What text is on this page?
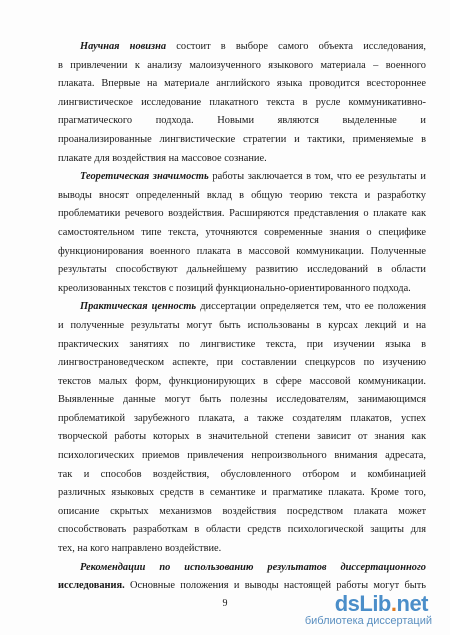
Научная новизна состоит в выборе самого объекта исследования,
в привлечении к анализу малоизученного языкового материала – военного
плаката. Впервые на материале английского языка проводится всестороннее
лингвистическое исследование плакатного текста в русле коммуникативно-
прагматического подхода. Новыми являются выделенные и
проанализированные лингвистические стратегии и тактики, применяемые в
плакате для воздействия на массовое сознание.
Теоретическая значимость работы заключается в том, что ее результаты и
выводы вносят определенный вклад в общую теорию текста и разработку
проблематики речевого воздействия. Расширяются представления о плакате как
самостоятельном типе текста, уточняются современные знания о специфике
функционирования военного плаката в массовой коммуникации. Полученные
результаты способствуют дальнейшему развитию исследований в области
креолизованных текстов с позиций функционально-ориентированного подхода.
Практическая ценность диссертации определяется тем, что ее положения
и полученные результаты могут быть использованы в курсах лекций и на
практических занятиях по лингвистике текста, при изучении языка в
лингвострановедческом аспекте, при составлении спецкурсов по изучению
текстов малых форм, функционирующих в сфере массовой коммуникации.
Выявленные данные могут быть полезны исследователям, занимающимся
проблематикой зарубежного плаката, а также создателям плакатов, успех
творческой работы которых в значительной степени зависит от знания как
психологических приемов привлечения непроизвольного внимания адресата,
так и способов воздействия, обусловленного отбором и комбинацией
различных языковых средств в семантике и прагматике плаката. Кроме того,
описание скрытых механизмов воздействия посредством плаката может
способствовать разработкам в области средств психологической защиты для
тех, на кого направлено воздействие.
Рекомендации по использованию результатов диссертационного
исследования. Основные положения и выводы настоящей работы могут быть
9	dsLib.net
библиотека диссертаций
